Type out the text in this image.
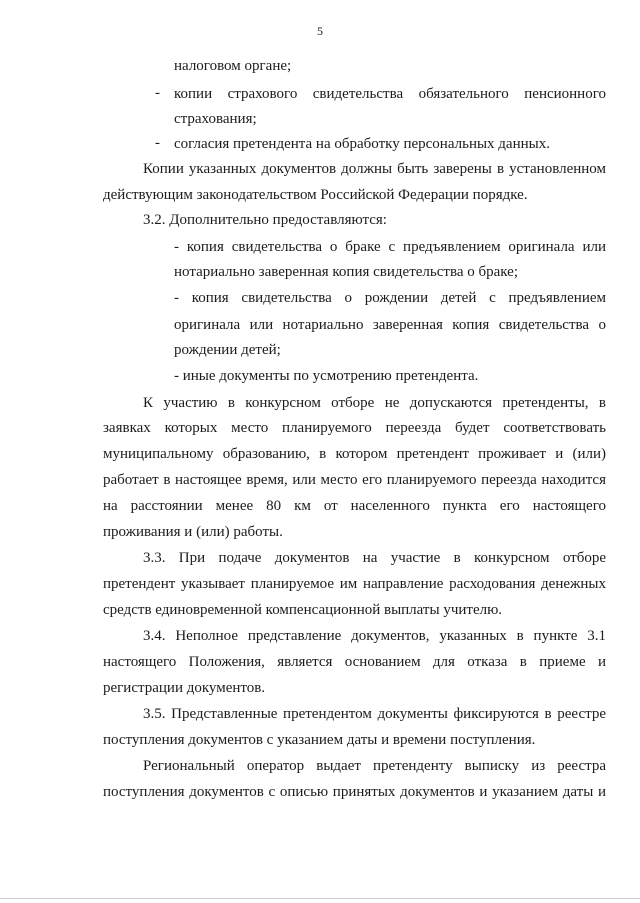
5
налоговом органе;
- копии страхового свидетельства обязательного пенсионного
страхования;
- согласия претендента на обработку персональных данных.
Копии указанных документов должны быть заверены в установленном
действующим законодательством Российской Федерации порядке.
3.2. Дополнительно предоставляются:
- копия свидетельства о браке с предъявлением оригинала или
нотариально заверенная копия свидетельства о браке;
- копия свидетельства о рождении детей с предъявлением
оригинала или нотариально заверенная копия свидетельства о
рождении детей;
- иные документы по усмотрению претендента.
К участию в конкурсном отборе не допускаются претенденты, в
заявках которых место планируемого переезда будет соответствовать
муниципальному образованию, в котором претендент проживает и (или)
работает в настоящее время, или место его планируемого переезда находится
на расстоянии менее 80 км от населенного пункта его настоящего
проживания и (или) работы.
3.3. При подаче документов на участие в конкурсном отборе
претендент указывает планируемое им направление расходования денежных
средств единовременной компенсационной выплаты учителю.
3.4. Неполное представление документов, указанных в пункте 3.1
настоящего Положения, является основанием для отказа в приеме и
регистрации документов.
3.5. Представленные претендентом документы фиксируются в реестре
поступления документов с указанием даты и времени поступления.
Региональный оператор выдает претенденту выписку из реестра
поступления документов с описью принятых документов и указанием даты и
